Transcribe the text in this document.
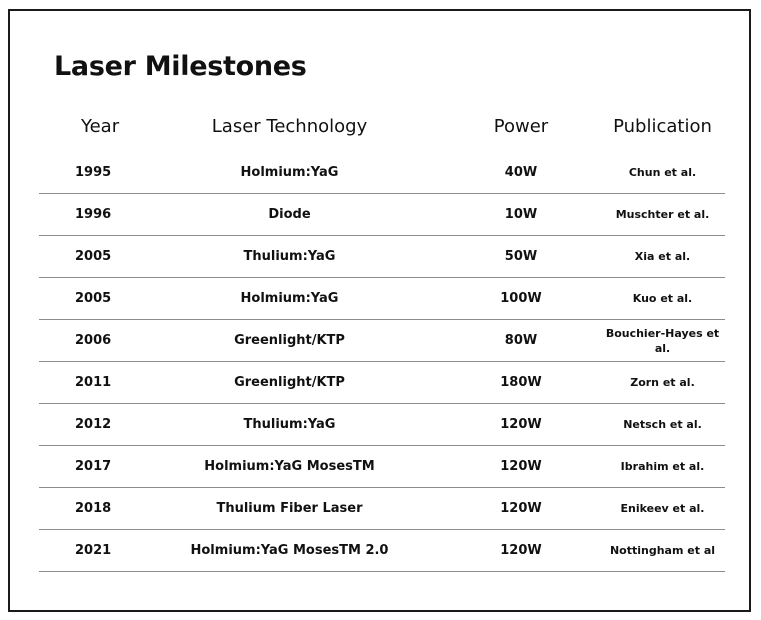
Laser Milestones
Year	Laser Technology	Power	Publication
1995	Holmium:YaG	40W	Chun et al.
1996	Diode	10W	Muschter et al.
2005	Thulium:YaG	50W	Xia et al.
2005	Holmium:YaG	100W	Kuo et al.
2006	Greenlight/KTP	80W	Bouchier-Hayes et al.
2011	Greenlight/KTP	180W	Zorn et al.
2012	Thulium:YaG	120W	Netsch et al.
2017	Holmium:YaG MosesTM	120W	Ibrahim et al.
2018	Thulium Fiber Laser	120W	Enikeev et al.
2021	Holmium:YaG MosesTM 2.0	120W	Nottingham et al
